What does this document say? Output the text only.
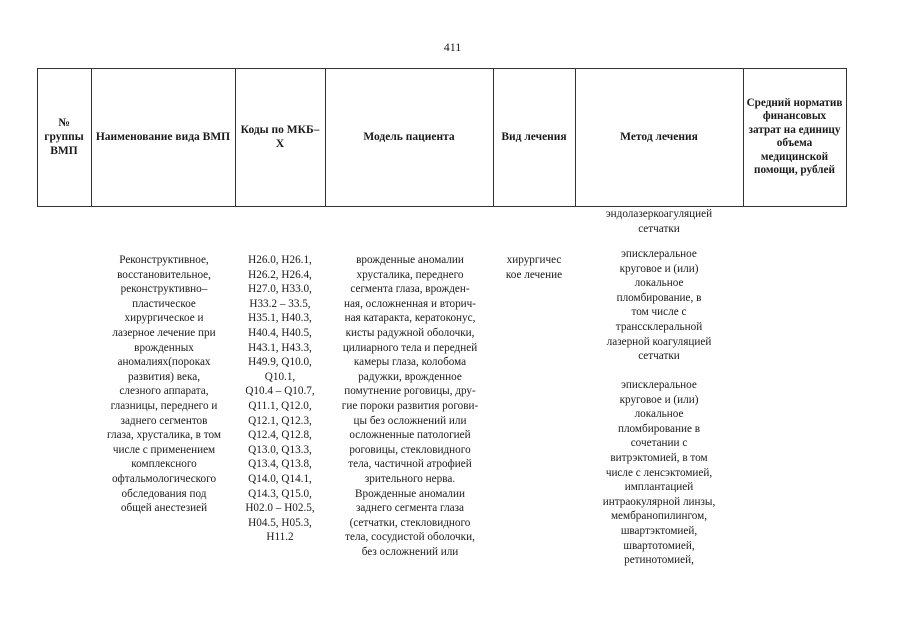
411
№ группы ВМП
Наименование вида ВМП
Коды по МКБ–Х
Модель пациента	Вид лечения	Метод лечения
Средний норматив финансовых затрат на единицу объема медицинской помощи, рублей
эндолазеркоагуляцией
сетчатки
Реконструктивное,
восстановительное,
реконструктивно–
пластическое
хирургическое и
лазерное лечение при
врожденных
аномалиях(пороках
развития) века,
слезного аппарата,
глазницы, переднего и
заднего сегментов
глаза, хрусталика, в том
числе с применением
комплексного
офтальмологического
обследования под
общей анестезией
H26.0, H26.1,
H26.2, H26.4,
H27.0, H33.0,
H33.2 – 33.5,
H35.1, H40.3,
H40.4, H40.5,
H43.1, H43.3,
H49.9, Q10.0,
Q10.1,
Q10.4 – Q10.7,
Q11.1, Q12.0,
Q12.1, Q12.3,
Q12.4, Q12.8,
Q13.0, Q13.3,
Q13.4, Q13.8,
Q14.0, Q14.1,
Q14.3, Q15.0,
H02.0 – H02.5,
H04.5, H05.3,
H11.2
врожденные аномалии
хрусталика, переднего
сегмента глаза, врожден-
ная, осложненная и вторич-
ная катаракта, кератоконус,
кисты радужной оболочки,
цилиарного тела и передней
камеры глаза, колобома
радужки, врожденное
помутнение роговицы, дру-
гие пороки развития рогови-
цы без осложнений или
осложненные патологией
роговицы, стекловидного
тела, частичной атрофией
зрительного нерва.
Врожденные аномалии
заднего сегмента глаза
(сетчатки, стекловидного
тела, сосудистой оболочки,
без осложнений или
хирургичес
кое лечение
эписклеральное
круговое и (или)
локальное
пломбирование, в
том числе с
транссклеральной
лазерной коагуляцией
сетчатки
эписклеральное
круговое и (или)
локальное
пломбирование в
сочетании с
витрэктомией, в том
числе с ленсэктомией,
имплантацией
интраокулярной линзы,
мембранопилингом,
швартэктомией,
швартотомией,
ретинотомией,
